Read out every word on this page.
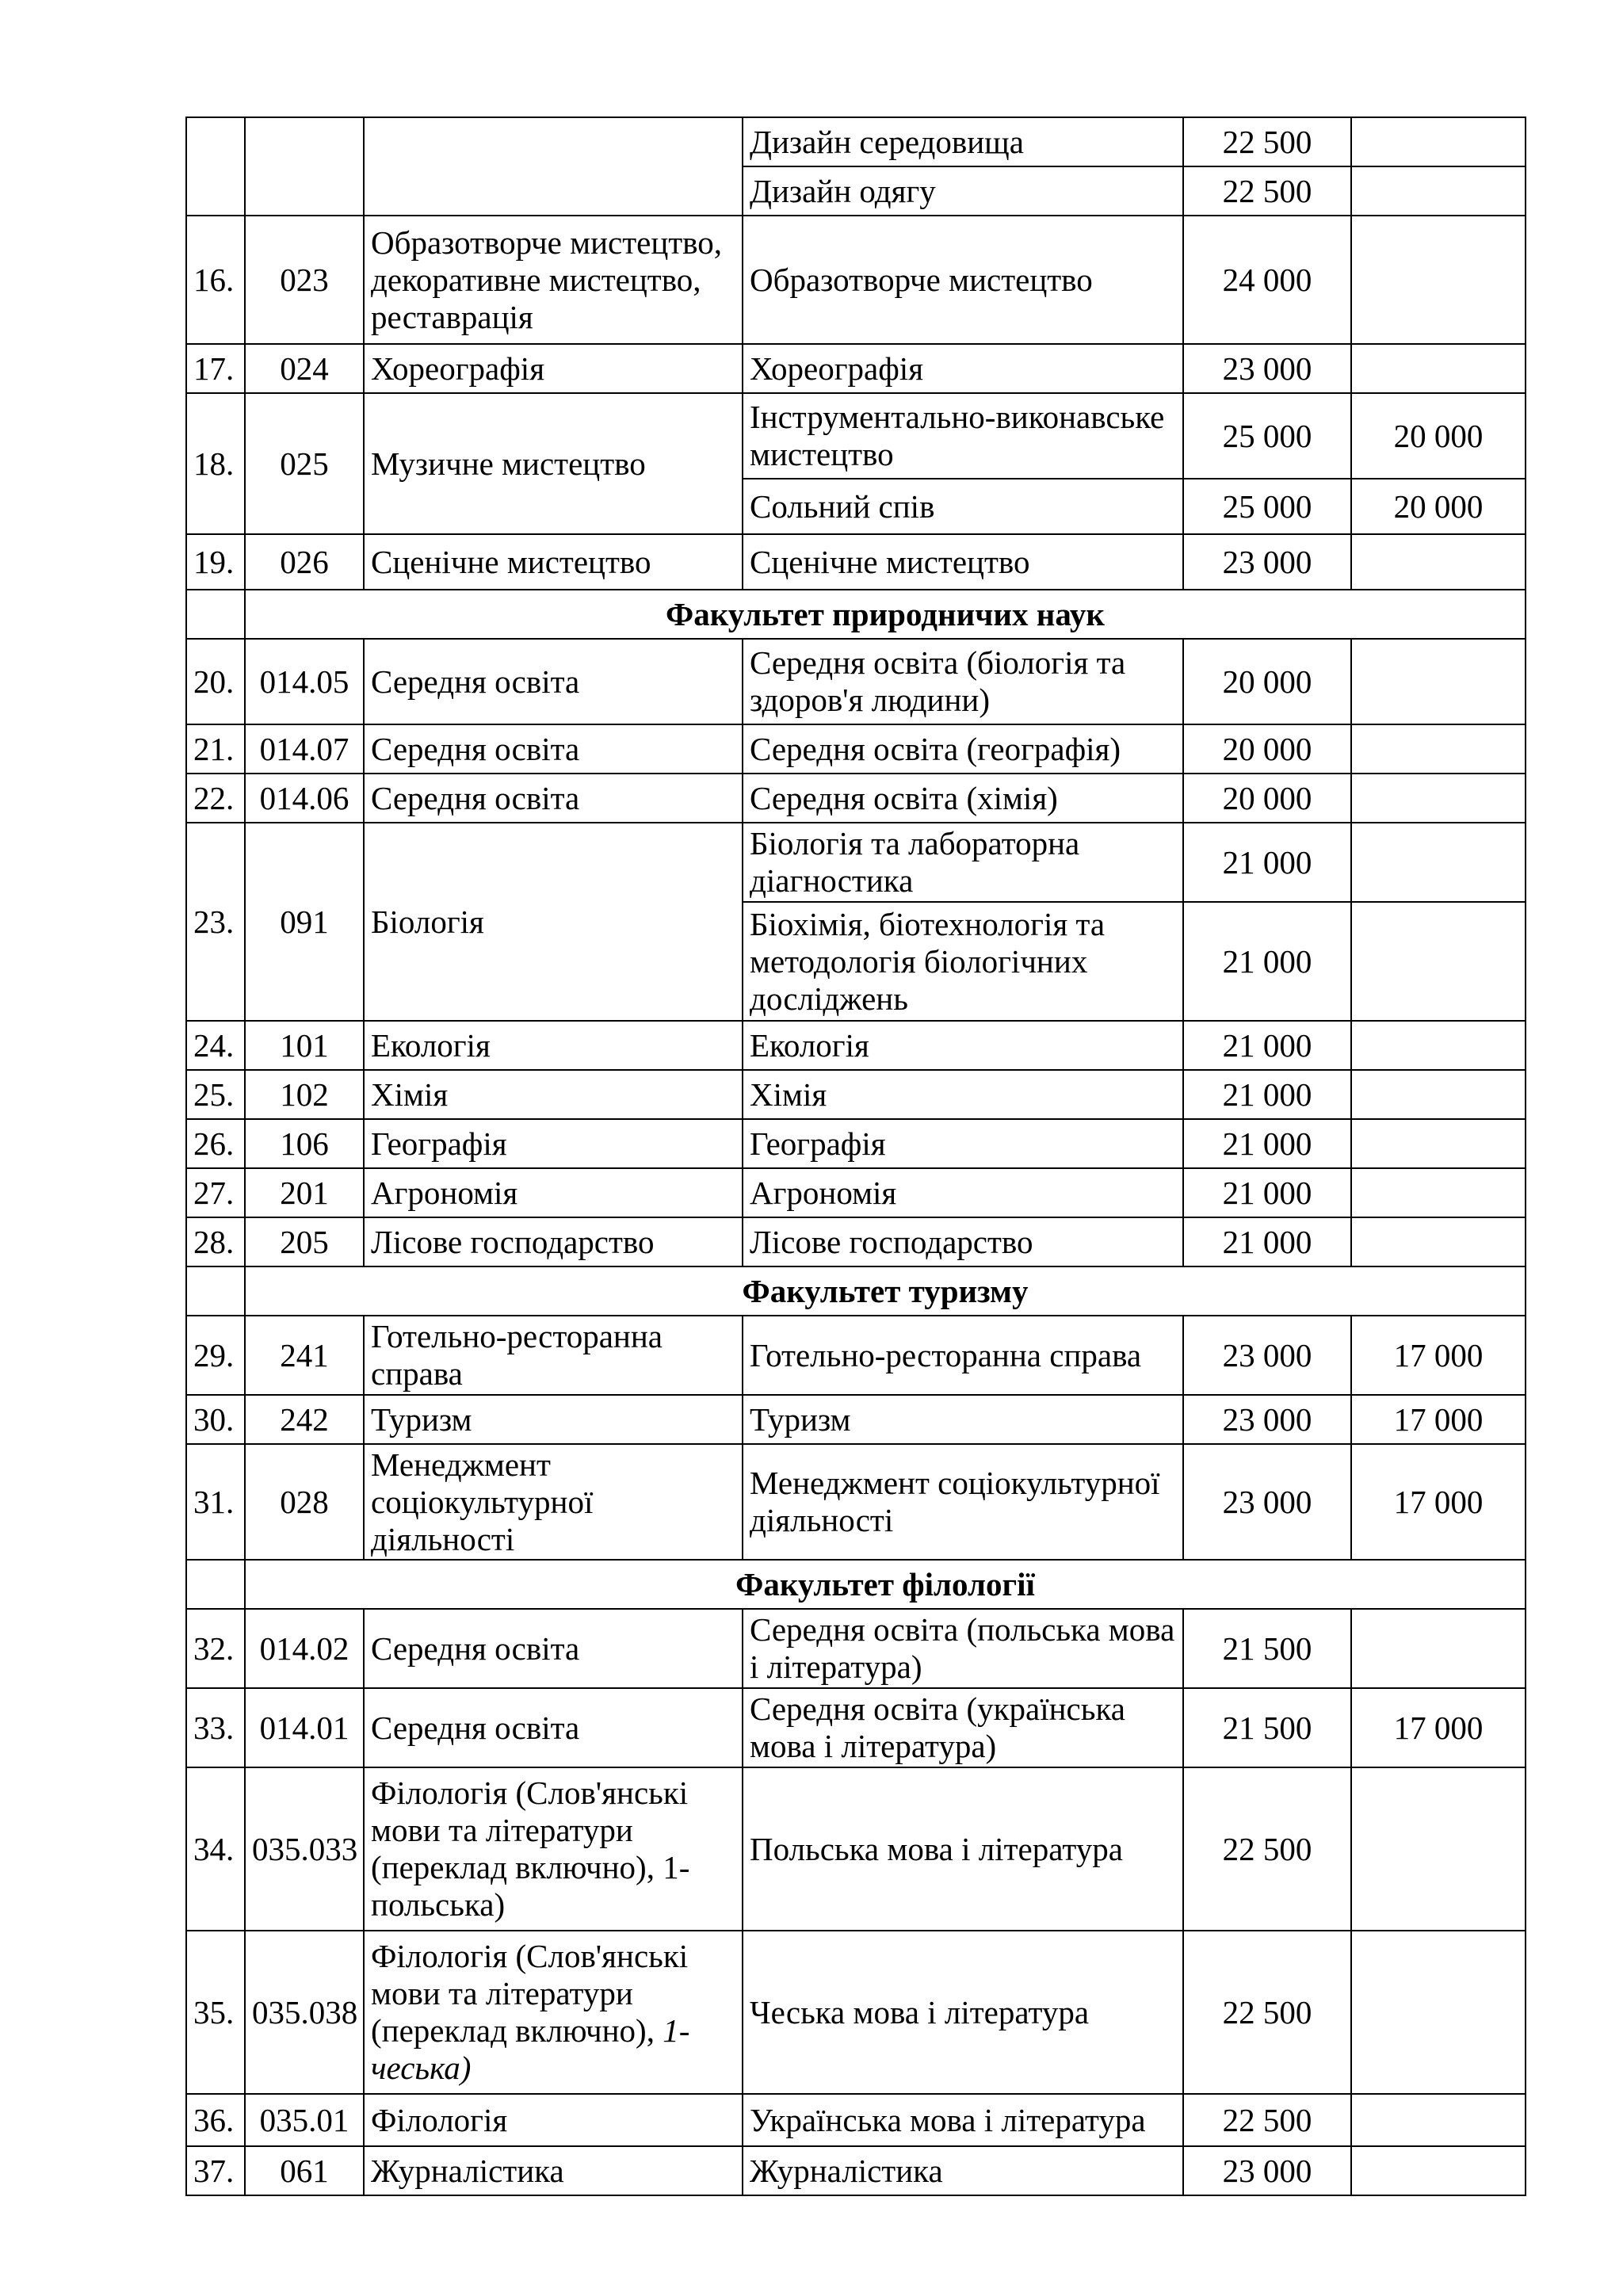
			Дизайн середовища	22 500	
			Дизайн одягу	22 500	
16.	023	Образотворче мистецтво, декоративне мистецтво, реставрація	Образотворче мистецтво	24 000	
17.	024	Хореографія	Хореографія	23 000	
18.	025	Музичне мистецтво	Інструментально-виконавське мистецтво	25 000	20 000
			Сольний спів	25 000	20 000
19.	026	Сценічне мистецтво	Сценічне мистецтво	23 000	
	Факультет природничих наук				
20.	014.05	Середня освіта	Середня освіта (біологія та здоров'я людини)	20 000	
21.	014.07	Середня освіта	Середня освіта (географія)	20 000	
22.	014.06	Середня освіта	Середня освіта (хімія)	20 000	
23.	091	Біологія	Біологія та лабораторна діагностика	21 000	
			Біохімія, біотехнологія та методологія біологічних досліджень	21 000	
24.	101	Екологія	Екологія	21 000	
25.	102	Хімія	Хімія	21 000	
26.	106	Географія	Географія	21 000	
27.	201	Агрономія	Агрономія	21 000	
28.	205	Лісове господарство	Лісове господарство	21 000	
	Факультет туризму				
29.	241	Готельно-ресторанна справа	Готельно-ресторанна справа	23 000	17 000
30.	242	Туризм	Туризм	23 000	17 000
31.	028	Менеджмент соціокультурної діяльності	Менеджмент соціокультурної діяльності	23 000	17 000
	Факультет філології				
32.	014.02	Середня освіта	Середня освіта (польська мова і література)	21 500	
33.	014.01	Середня освіта	Середня освіта (українська мова і література)	21 500	17 000
34.	035.033	Філологія (Слов'янські мови та літератури (переклад включно), 1-польська)	Польська мова і література	22 500	
35.	035.038	Філологія (Слов'янські мови та літератури (переклад включно), 1-чеська)	Чеська мова і література	22 500	
36.	035.01	Філологія	Українська мова і література	22 500	
37.	061	Журналістика	Журналістика	23 000	
